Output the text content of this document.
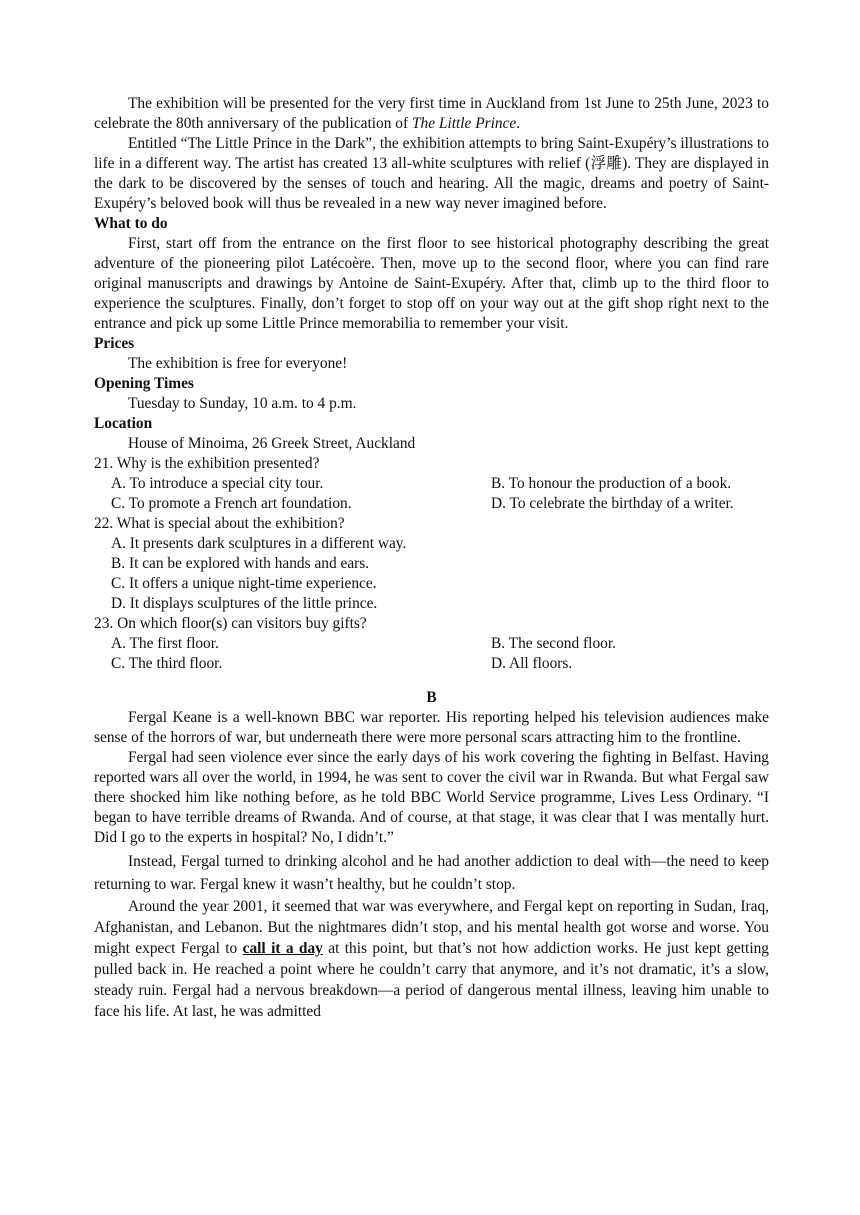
The exhibition will be presented for the very first time in Auckland from 1st June to 25th June, 2023 to celebrate the 80th anniversary of the publication of The Little Prince.

Entitled “The Little Prince in the Dark”, the exhibition attempts to bring Saint-Exupéry’s illustrations to life in a different way. The artist has created 13 all-white sculptures with relief (浮雕). They are displayed in the dark to be discovered by the senses of touch and hearing. All the magic, dreams and poetry of Saint-Exupéry’s beloved book will thus be revealed in a new way never imagined before.

What to do

First, start off from the entrance on the first floor to see historical photography describing the great adventure of the pioneering pilot Latécoère. Then, move up to the second floor, where you can find rare original manuscripts and drawings by Antoine de Saint-Exupéry. After that, climb up to the third floor to experience the sculptures. Finally, don’t forget to stop off on your way out at the gift shop right next to the entrance and pick up some Little Prince memorabilia to remember your visit.

Prices
The exhibition is free for everyone!
Opening Times
Tuesday to Sunday, 10 a.m. to 4 p.m.
Location
House of Minoima, 26 Greek Street, Auckland
21. Why is the exhibition presented?
A. To introduce a special city tour.	B. To honour the production of a book.
C. To promote a French art foundation.	D. To celebrate the birthday of a writer.
22. What is special about the exhibition?
A. It presents dark sculptures in a different way.
B. It can be explored with hands and ears.
C. It offers a unique night-time experience.
D. It displays sculptures of the little prince.
23. On which floor(s) can visitors buy gifts?
A. The first floor.	B. The second floor.
C. The third floor.	D. All floors.
B

Fergal Keane is a well-known BBC war reporter. His reporting helped his television audiences make sense of the horrors of war, but underneath there were more personal scars attracting him to the frontline.

Fergal had seen violence ever since the early days of his work covering the fighting in Belfast. Having reported wars all over the world, in 1994, he was sent to cover the civil war in Rwanda. But what Fergal saw there shocked him like nothing before, as he told BBC World Service programme, Lives Less Ordinary. “I began to have terrible dreams of Rwanda. And of course, at that stage, it was clear that I was mentally hurt. Did I go to the experts in hospital? No, I didn’t.”

Instead, Fergal turned to drinking alcohol and he had another addiction to deal with—the need to keep returning to war. Fergal knew it wasn’t healthy, but he couldn’t stop.

Around the year 2001, it seemed that war was everywhere, and Fergal kept on reporting in Sudan, Iraq, Afghanistan, and Lebanon. But the nightmares didn’t stop, and his mental health got worse and worse. You might expect Fergal to call it a day at this point, but that’s not how addiction works. He just kept getting pulled back in. He reached a point where he couldn’t carry that anymore, and it’s not dramatic, it’s a slow, steady ruin. Fergal had a nervous breakdown—a period of dangerous mental illness, leaving him unable to face his life. At last, he was admitted
